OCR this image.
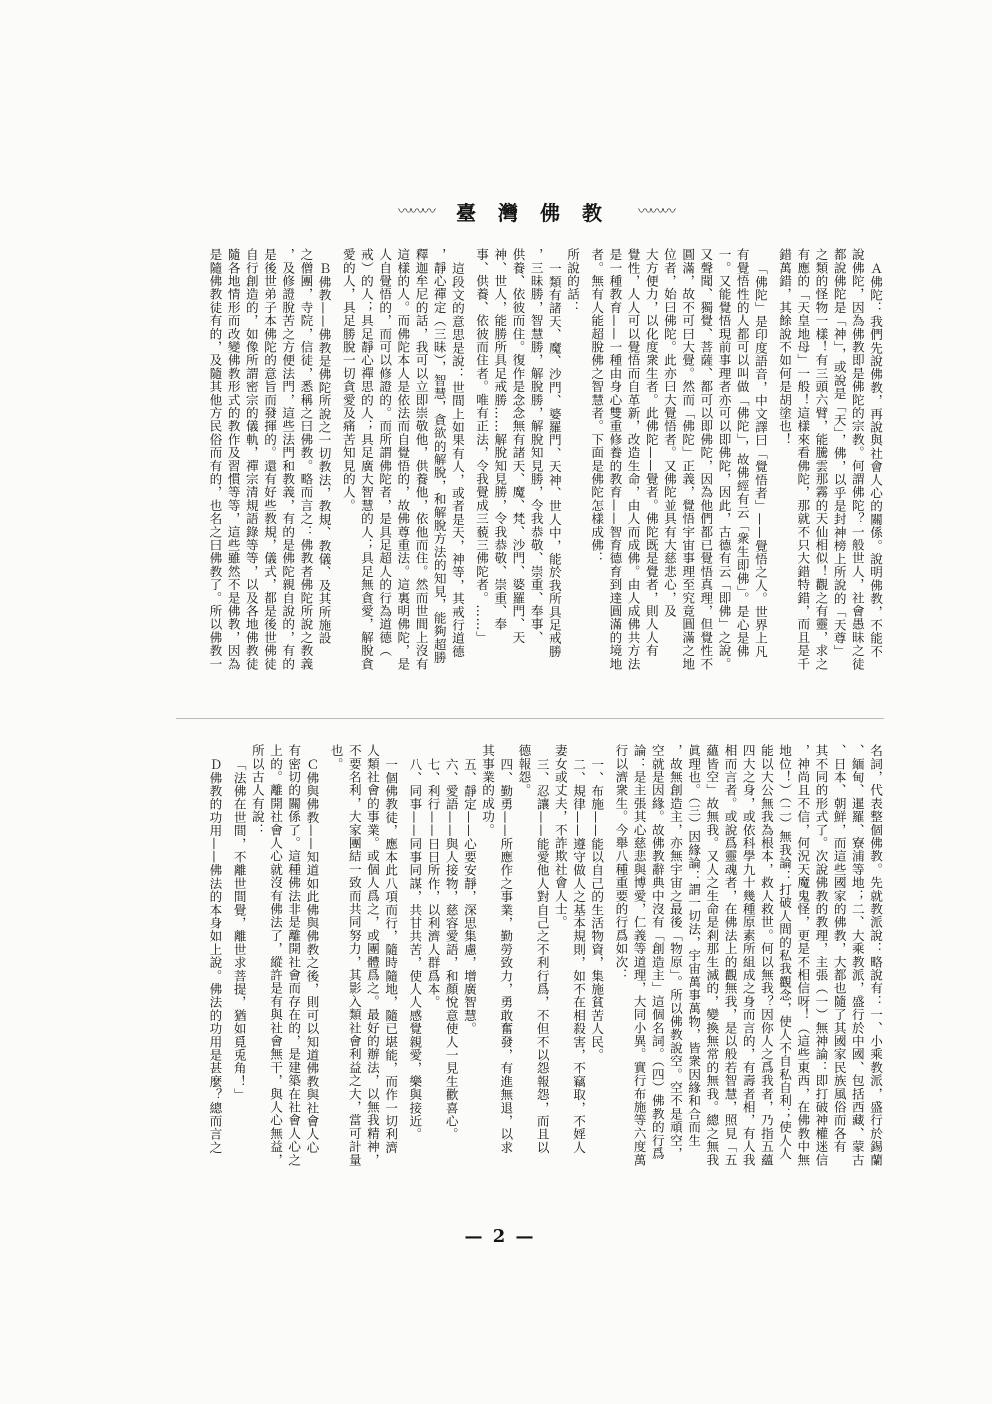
〰〰〰	臺灣佛教 〰〰〰
Ａ佛陀：我們先說佛教，再說與社會人心的關係。說明佛教，不能不
說佛陀，因為佛教即是佛陀的宗教。何謂佛陀？一般世人，社會愚昧之徒
都說佛陀是「神」，或說是「天」，佛，以乎是封神榜上所說的「天尊」
之類的怪物一樣！有三頭六臂，能騰雲那霧的天仙相似！觀之有靈，求之
有應的「天皇地母」一般！這樣來看佛陀，那就不只大錯特錯，而且是千
錯萬錯，其餘說不如何是胡塗也！
「佛陀」是印度語音，中文譯曰「覺悟者」——覺悟之人。世界上凡
有覺悟性的人都可以叫做「佛陀」，故佛經有云「衆生即佛」。是心是佛
一。又能覺悟現前事理者亦可以即佛陀，因此，古德有云「即佛」之說。
又聲聞、獨覺、菩薩、都可以即佛陀，因為他們都已覺悟真理，但覺性不
圓滿，故不可曰大覺。然而「佛陀」正義，覺悟宇宙事理至究竟圓滿之地
位者，始曰佛陀。此亦曰大覺悟者。又佛陀並具有大慈悲心，及
大方便力，以化度衆生者。此佛陀——覺者。佛陀既是覺者，則人人有
覺性，人人可以覺悟而自革新，改造生命，由人而成佛。由人成佛共方法
是一種教育——一種由身心雙重修養的教育——智育德育到達圓滿的境地
者。無有人能超脫佛之智慧者。下面是佛陀怎樣成佛：
所說的話：
一類有諸天、魔、沙門、婆羅門、天神、世人中，能於我所具足戒勝
，三昧勝，智慧勝，解脫勝，解脫知見勝，令我恭敬、崇重、奉事、
供養、依彼而住。復作是念念無有諸天、魔、梵、沙門、婆羅門、天
神、世人，能勝所具足戒勝……解脫知見勝，令我恭敬、崇重、奉
事、供養、依彼而住者。唯有正法，令我覺成三藐三佛陀者。……」
這段文的意思是說：世間上如果有人，或者是天，神等，其戒行道德
，靜心禪定（三昧），智慧，貪欲的解脫，和解脫方法的知見，能夠超勝
釋迦牟尼的話，我可以立即崇敬他，供養他，依他而住。然而世間上沒有
這樣的人。而佛陀本人是依法而自覺悟的，故佛尊重法。這裏明佛陀，是
人自覺悟的，而可以修證的。而所謂佛陀者，是具足超人的行為道德（
戒）的人；具足靜心禪思的人；具足廣大智慧的人；具足無貪愛，解脫貪
愛的人，具足勝脫一切貪愛及痛苦知見的人。
Ｂ佛教——佛教是佛陀所說之一切教法，教規、教儀、及其所施設
之僧團，寺院，信徒，悉稱之曰佛教。略而言之：佛教者佛陀所說之教義
，及修證脫苦之方便法門，這些法門和教義，有的是佛陀親自說的，有的
是後世弟子本佛陀的意旨而發揮的。還有好些教規，儀式，都是後世佛徒
自行創造的，如像所謂密宗的儀軌，禪宗清規語錄等等，以及各地佛教徒
隨各地情形而改變佛教形式的教作及習慣等等，這些雖然不是佛教，因為
是隨佛教徒有的，及隨其他方民俗而有的，也名之曰佛教了。所以佛教一
名詞，代表整個佛教。先就教派說：略說有：一、小乘教派，盛行於錫蘭
、緬甸、暹羅、寮浦等地；二、大乘教派，盛行於中國、包括西藏、蒙古
、日本、朝鮮，而這些國家的佛教，大都也隨了其國家民族風俗而各有
其不同的形式了。次說佛教的教理，主張（一）無神論：即打破神權迷信
，神尚且不信，何況天魔鬼怪，更是不相信呀！（這些東西，在佛教中無
地位！）（二）無我論：打破人間的私我觀念，使人不自私自利；使人人
能以大公無我為根本，救人救世。何以無我？因你人之爲我者，乃指五蘊
四大之身，或依科學九十幾種原素所組成之身而言的，有壽者相，有人我
相而言者。或說爲靈魂者，在佛法上的觀無我，是以般若智慧，照見「五
蘊皆空」故無我。又人之生命是剎那生滅的，變換無常的無我。總之無我
眞理也。（三）因緣論：謂一切法，宇宙萬事萬物，皆衆因緣和合而生
，故無創造主，亦無宇宙之最後「物原」。所以佛教說空。空不是頑空，
空就是因緣。故佛教辭典中沒有「創造主」這個名詞。（四）佛教的行爲
論：是主張其心慈悲與博愛，仁義等道理，大同小異。實行布施等六度萬
行以濟衆生。今舉八種重要的行爲如次：
一、布施——能以自己的生活物資，集施貧苦人民。
二、規律——遵守做人之基本規則，如不在相殺害，不竊取，不婬人
妻女或丈夫，不詐欺社會人士。
三、忍讓——能愛他人對自己之不利行爲，不但不以怨報怨，而且以
德報怨。
四、勤勇——所應作之事業，勤勞致力，勇敢奮發，有進無退，以求
其事業的成功。
五、靜定——心要安靜，深思集慮，增廣智慧。
六、愛語——與人接物，慈容愛語，和顏悅意使人一見生歡喜心。
七、利行——日日所作，以利濟人群爲本。
八、同事——同事同謀，共甘共苦，使人人感覺親愛，樂與接近。
一個佛教徒，應本此八項而行，隨時隨地，隨已堪能，而作一切利濟
人類社會的事業。或個人爲之，或團體爲之。最好的辦法，以無我精神，
不要名利，大家團結一致而共同努力，其影入類社會利益之大，當可計量
也。
Ｃ佛與佛教——知道如此佛與佛教之後，則可以知道佛教與社會人心
有密切的關係了。這種佛法非是離開社會而存在的，是建築在社會人心之
上的。離開社會人心就沒有佛法了，縱許是有與社會無干，與人心無益，
所以古人有說：
「法佛在世間，不離世間覺，離世求菩提，猶如覓兎角！」
Ｄ佛教的功用——佛法的本身如上說。佛法的功用是甚麼？總而言之
— 2 —
